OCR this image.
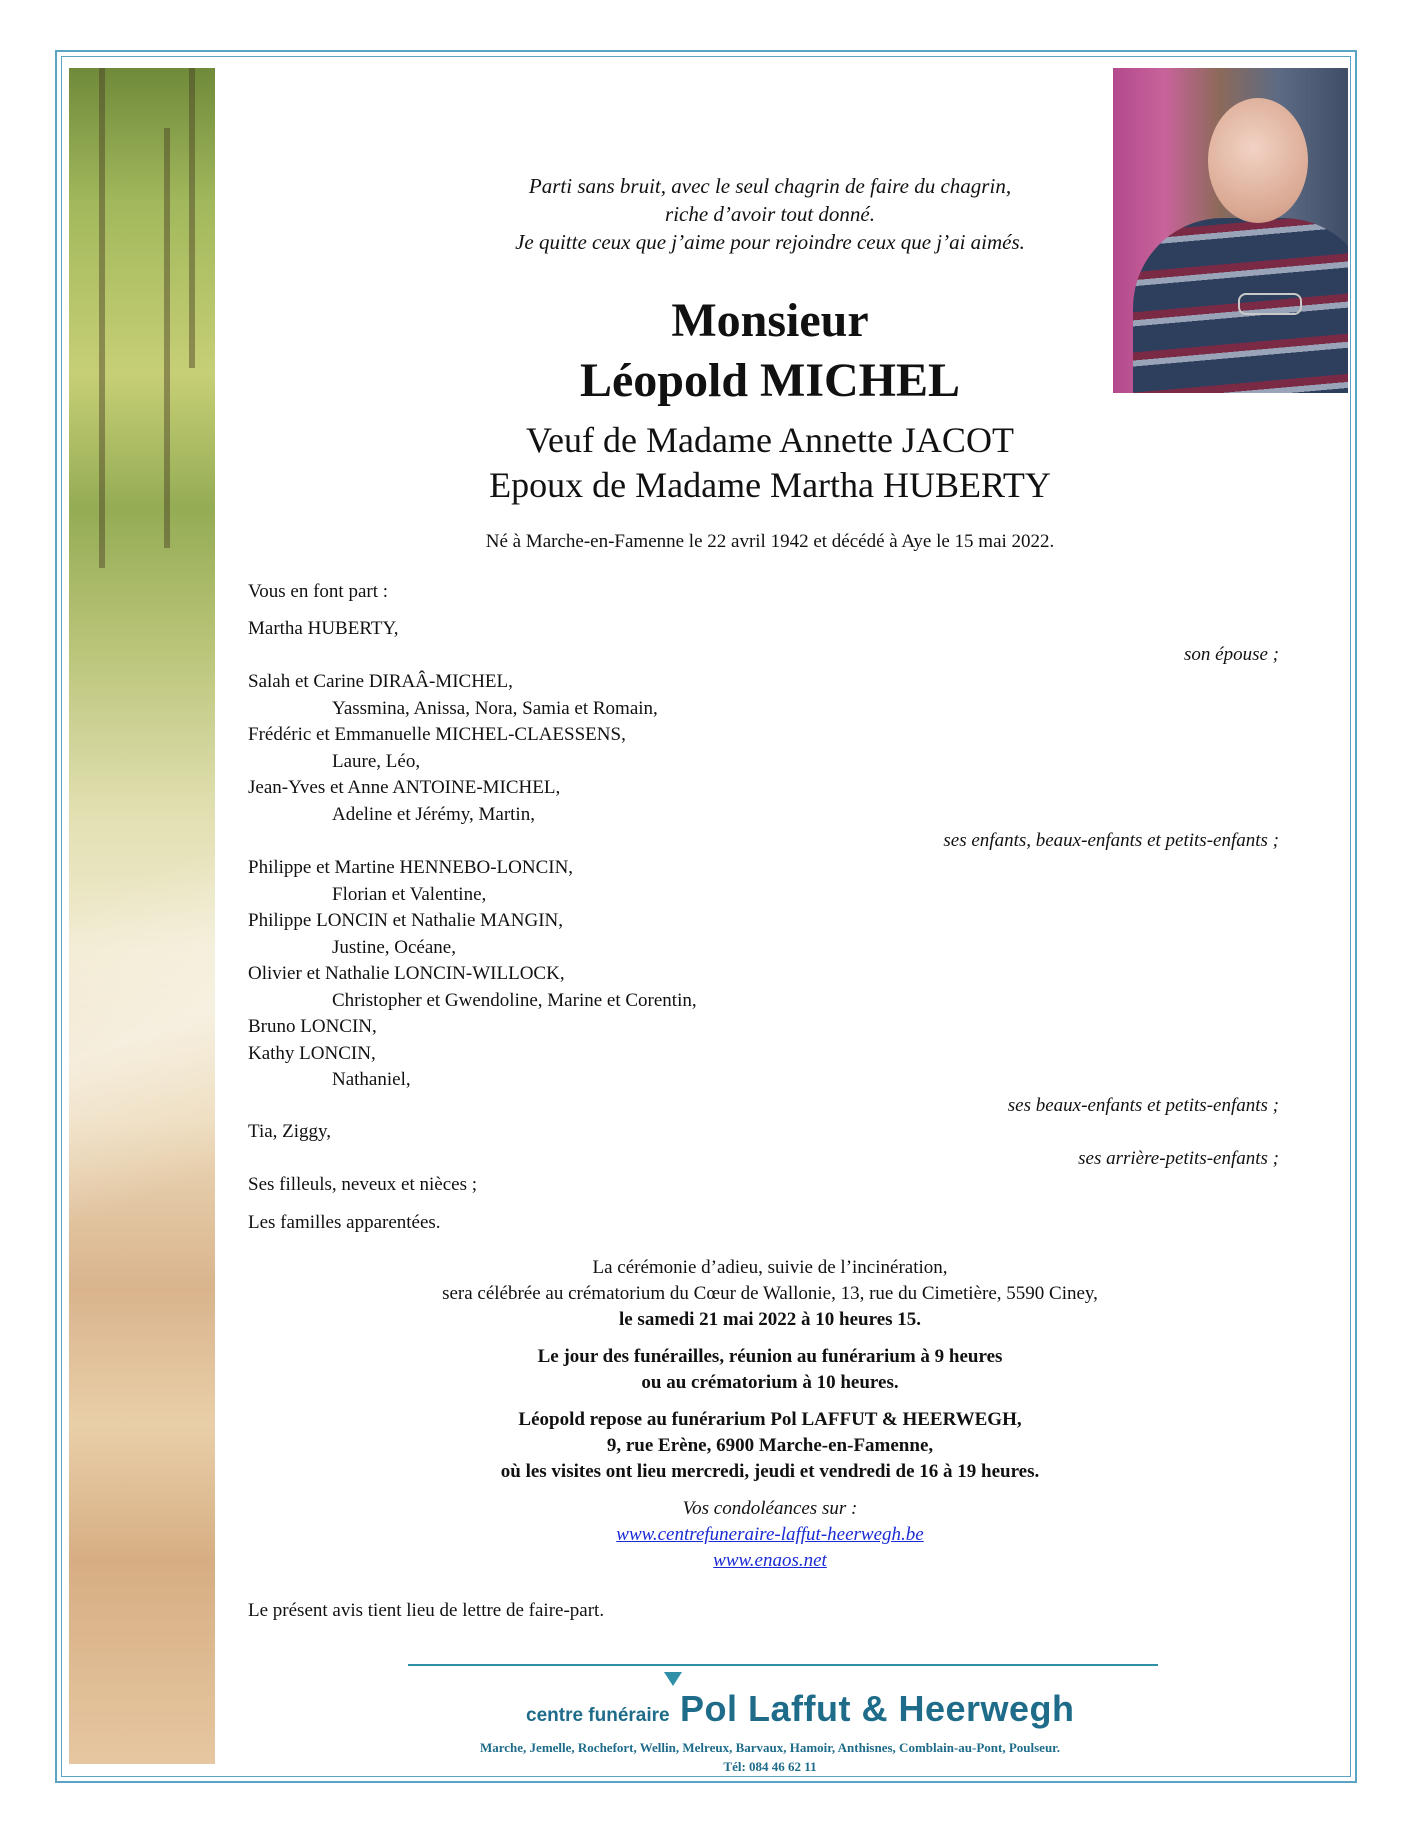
Parti sans bruit, avec le seul chagrin de faire du chagrin,
riche d’avoir tout donné.
Je quitte ceux que j’aime pour rejoindre ceux que j’ai aimés.
Monsieur
Léopold MICHEL
Veuf de Madame Annette JACOT
Epoux de Madame Martha HUBERTY
Né à Marche-en-Famenne le 22 avril 1942 et décédé à Aye le 15 mai 2022.
Vous en font part :
Martha HUBERTY,
son épouse ;
Salah et Carine DIRAÂ-MICHEL,
Yassmina, Anissa, Nora, Samia et Romain,
Frédéric et Emmanuelle MICHEL-CLAESSENS,
Laure, Léo,
Jean-Yves et Anne ANTOINE-MICHEL,
Adeline et Jérémy, Martin,
ses enfants, beaux-enfants et petits-enfants ;
Philippe et Martine HENNEBO-LONCIN,
Florian et Valentine,
Philippe LONCIN et Nathalie MANGIN,
Justine, Océane,
Olivier et Nathalie LONCIN-WILLOCK,
Christopher et Gwendoline, Marine et Corentin,
Bruno LONCIN,
Kathy LONCIN,
Nathaniel,
ses beaux-enfants et petits-enfants ;
Tia, Ziggy,
ses arrière-petits-enfants ;
Ses filleuls, neveux et nièces ;
Les familles apparentées.
La cérémonie d’adieu, suivie de l’incinération,
sera célébrée au crématorium du Cœur de Wallonie, 13, rue du Cimetière, 5590 Ciney,
le samedi 21 mai 2022 à 10 heures 15.
Le jour des funérailles, réunion au funérarium à 9 heures
ou au crématorium à 10 heures.
Léopold repose au funérarium Pol LAFFUT & HEERWEGH,
9, rue Erène, 6900 Marche-en-Famenne,
où les visites ont lieu mercredi, jeudi et vendredi de 16 à 19 heures.
Vos condoléances sur :
www.centrefuneraire-laffut-heerwegh.be
www.enaos.net
Le présent avis tient lieu de lettre de faire-part.
centre funéraire Pol Laffut & Heerwegh
Marche, Jemelle, Rochefort, Wellin, Melreux, Barvaux, Hamoir, Anthisnes, Comblain-au-Pont, Poulseur.
Tél: 084 46 62 11
